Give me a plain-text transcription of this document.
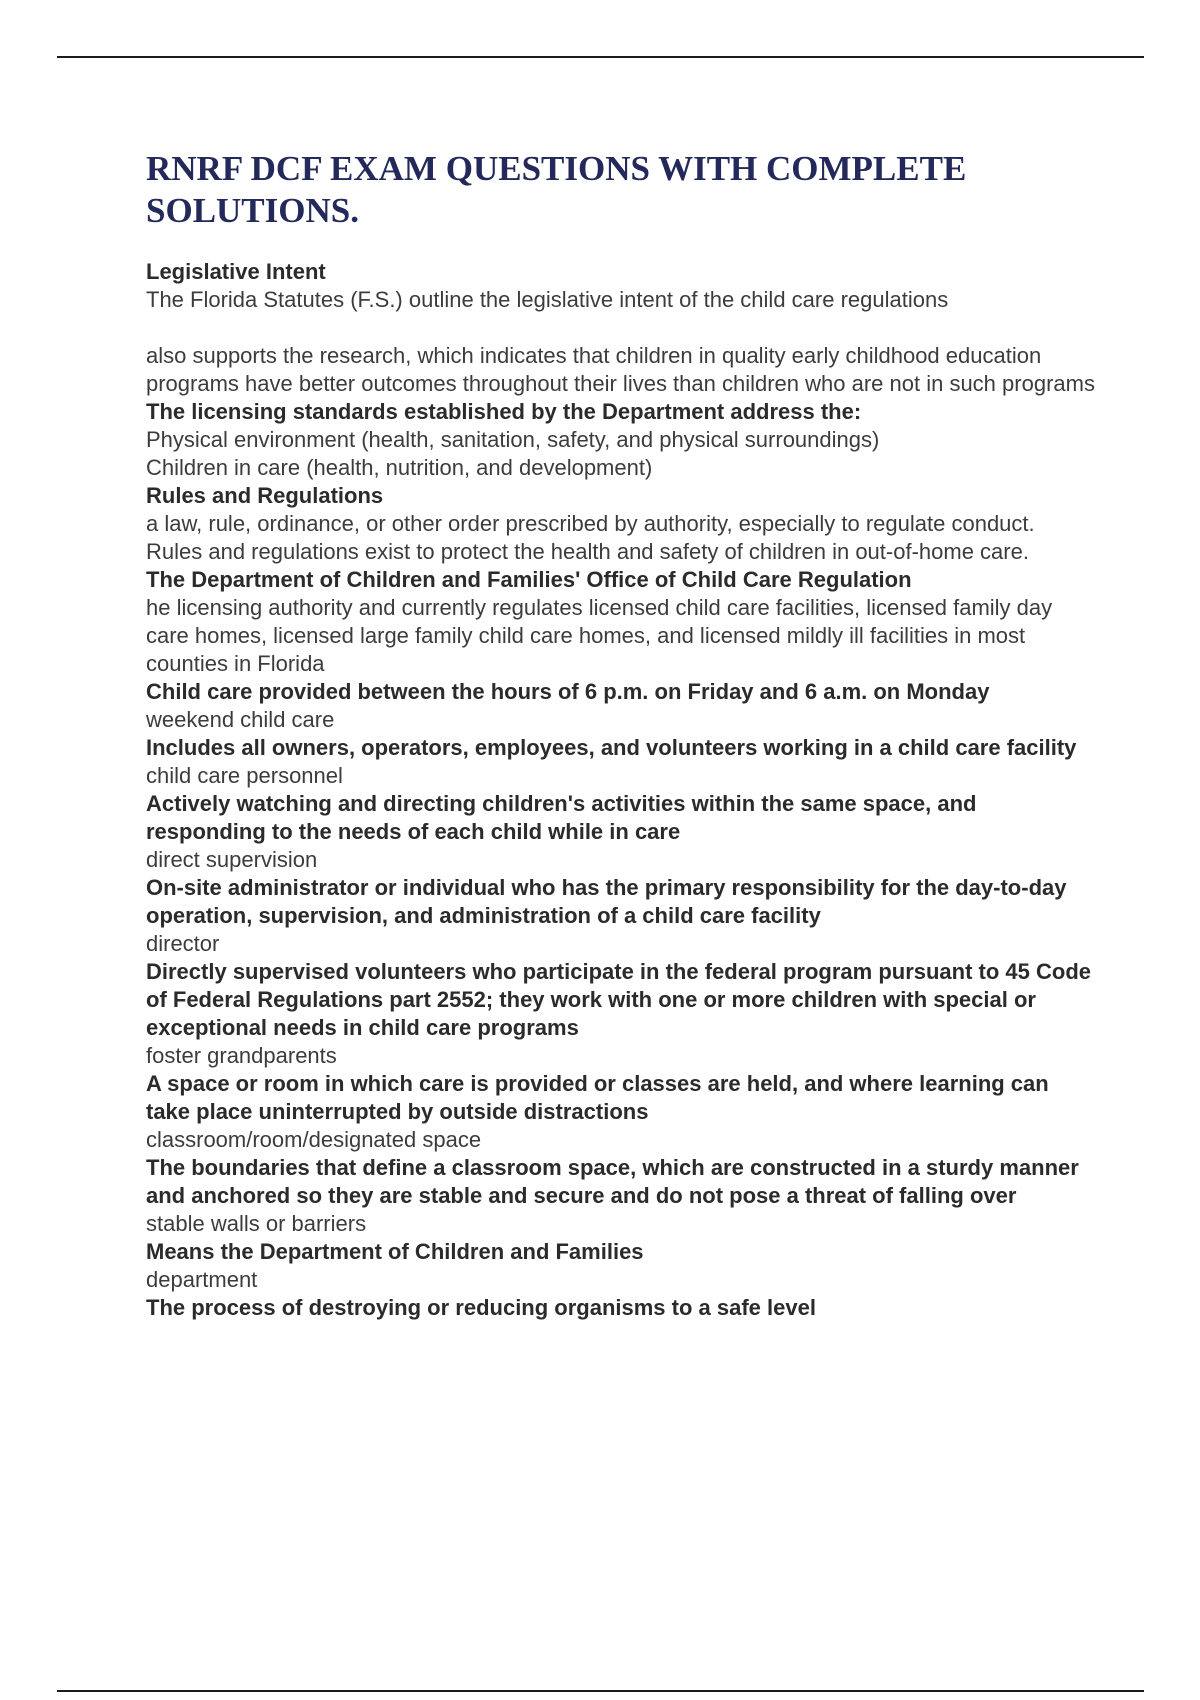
RNRF DCF EXAM QUESTIONS WITH COMPLETE SOLUTIONS.
Legislative Intent
The Florida Statutes (F.S.) outline the legislative intent of the child care regulations
also supports the research, which indicates that children in quality early childhood education programs have better outcomes throughout their lives than children who are not in such programs
The licensing standards established by the Department address the:
Physical environment (health, sanitation, safety, and physical surroundings)
Children in care (health, nutrition, and development)
Rules and Regulations
a law, rule, ordinance, or other order prescribed by authority, especially to regulate conduct. Rules and regulations exist to protect the health and safety of children in out-of-home care.
The Department of Children and Families' Office of Child Care Regulation
he licensing authority and currently regulates licensed child care facilities, licensed family day care homes, licensed large family child care homes, and licensed mildly ill facilities in most counties in Florida
Child care provided between the hours of 6 p.m. on Friday and 6 a.m. on Monday
weekend child care
Includes all owners, operators, employees, and volunteers working in a child care facility
child care personnel
Actively watching and directing children's activities within the same space, and responding to the needs of each child while in care
direct supervision
On-site administrator or individual who has the primary responsibility for the day-to-day operation, supervision, and administration of a child care facility
director
Directly supervised volunteers who participate in the federal program pursuant to 45 Code of Federal Regulations part 2552; they work with one or more children with special or exceptional needs in child care programs
foster grandparents
A space or room in which care is provided or classes are held, and where learning can take place uninterrupted by outside distractions
classroom/room/designated space
The boundaries that define a classroom space, which are constructed in a sturdy manner and anchored so they are stable and secure and do not pose a threat of falling over
stable walls or barriers
Means the Department of Children and Families
department
The process of destroying or reducing organisms to a safe level
